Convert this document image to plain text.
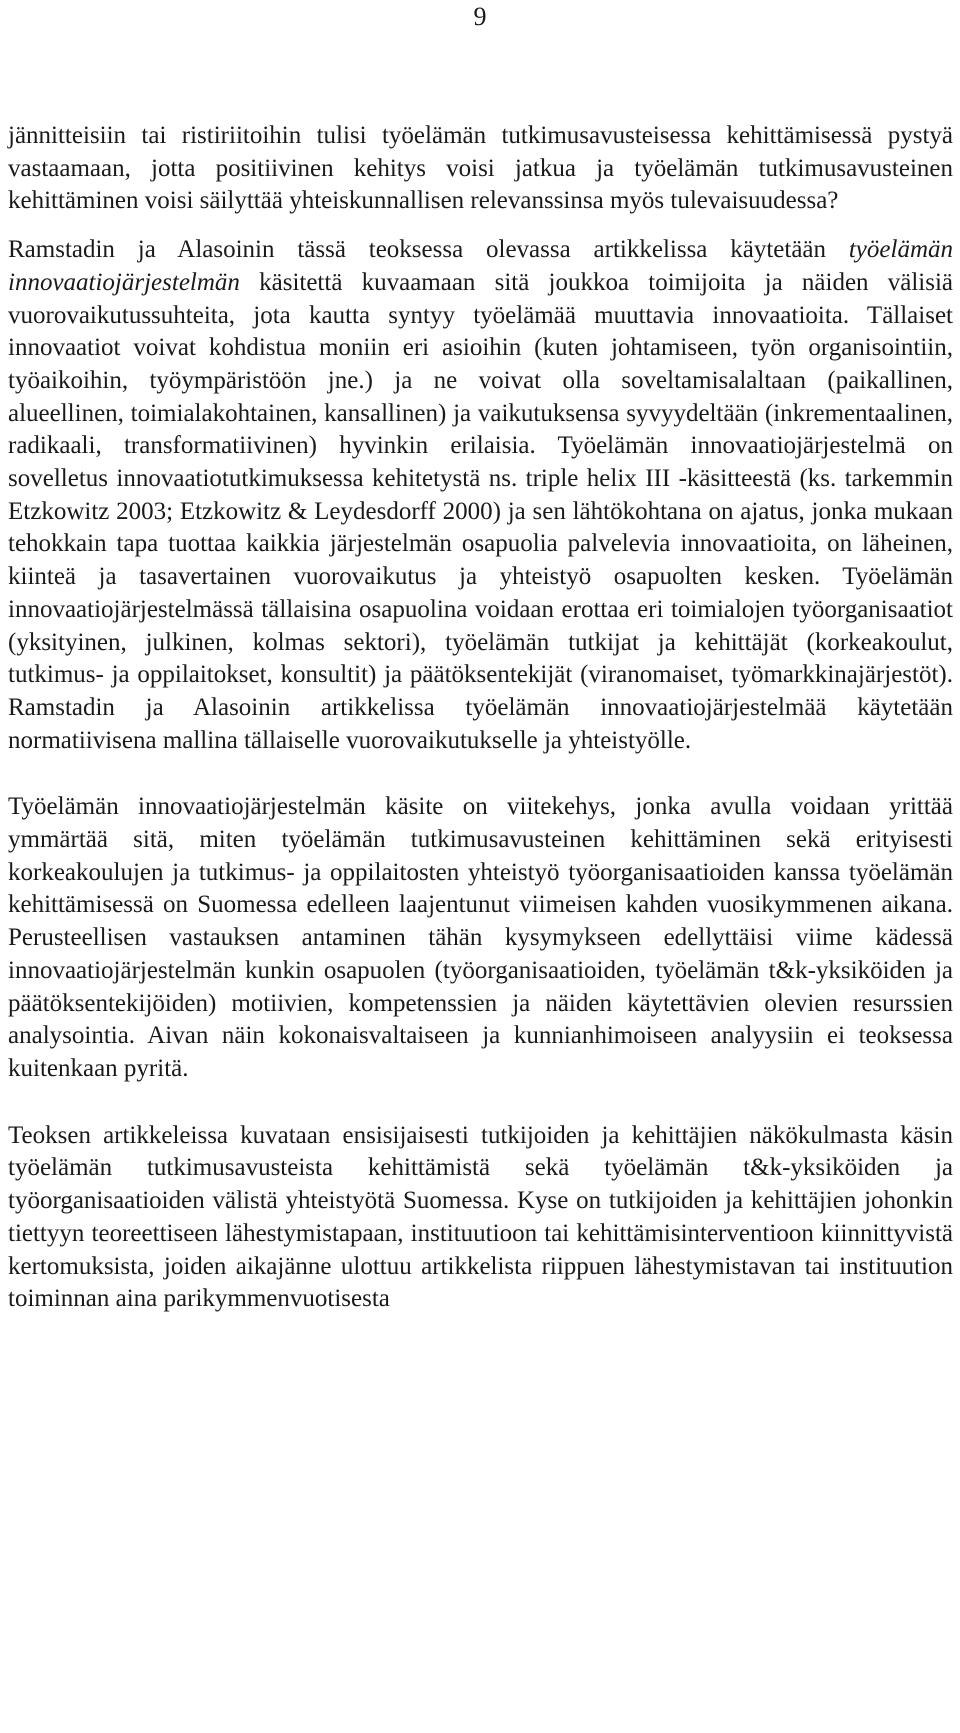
9

jännitteisiin tai ristiriitoihin tulisi työelämän tutkimusavusteisessa kehittämisessä pystyä vastaamaan, jotta positiivinen kehitys voisi jatkua ja työelämän tutkimusavusteinen kehittäminen voisi säilyttää yhteiskunnallisen relevanssinsa myös tulevaisuudessa?

Ramstadin ja Alasoinin tässä teoksessa olevassa artikkelissa käytetään työelämän innovaatiojärjestelmän käsitettä kuvaamaan sitä joukkoa toimijoita ja näiden välisiä vuorovaikutussuhteita, jota kautta syntyy työelämää muuttavia innovaatioita. Tällaiset innovaatiot voivat kohdistua moniin eri asioihin (kuten johtamiseen, työn organisointiin, työaikoihin, työympäristöön jne.) ja ne voivat olla soveltamisalaltaan (paikallinen, alueellinen, toimialakohtainen, kansallinen) ja vaikutuksensa syvyydeltään (inkrementaalinen, radikaali, transformatiivinen) hyvinkin erilaisia. Työelämän innovaatiojärjestelmä on sovelletus innovaatiotutkimuksessa kehitetystä ns. triple helix III -käsitteestä (ks. tarkemmin Etzkowitz 2003; Etzkowitz & Leydesdorff 2000) ja sen lähtökohtana on ajatus, jonka mukaan tehokkain tapa tuottaa kaikkia järjestelmän osapuolia palvelevia innovaatioita, on läheinen, kiinteä ja tasavertainen vuorovaikutus ja yhteistyö osapuolten kesken. Työelämän innovaatiojärjestelmässä tällaisina osapuolina voidaan erottaa eri toimialojen työorganisaatiot (yksityinen, julkinen, kolmas sektori), työelämän tutkijat ja kehittäjät (korkeakoulut, tutkimus- ja oppilaitokset, konsultit) ja päätöksentekijät (viranomaiset, työmarkkinajärjestöt). Ramstadin ja Alasoinin artikkelissa työelämän innovaatiojärjestelmää käytetään normatiivisena mallina tällaiselle vuorovaikutukselle ja yhteistyölle.

Työelämän innovaatiojärjestelmän käsite on viitekehys, jonka avulla voidaan yrittää ymmärtää sitä, miten työelämän tutkimusavusteinen kehittäminen sekä erityisesti korkeakoulujen ja tutkimus- ja oppilaitosten yhteistyö työorganisaatioiden kanssa työelämän kehittämisessä on Suomessa edelleen laajentunut viimeisen kahden vuosikymmenen aikana. Perusteellisen vastauksen antaminen tähän kysymykseen edellyttäisi viime kädessä innovaatiojärjestelmän kunkin osapuolen (työorganisaatioiden, työelämän t&k-yksiköiden ja päätöksentekijöiden) motiivien, kompetenssien ja näiden käytettävien olevien resurssien analysointia. Aivan näin kokonaisvaltaiseen ja kunnianhimoiseen analyysiin ei teoksessa kuitenkaan pyritä.

Teoksen artikkeleissa kuvataan ensisijaisesti tutkijoiden ja kehittäjien näkökulmasta käsin työelämän tutkimusavusteista kehittämistä sekä työelämän t&k-yksiköiden ja työorganisaatioiden välistä yhteistyötä Suomessa. Kyse on tutkijoiden ja kehittäjien johonkin tiettyyn teoreettiseen lähestymistapaan, instituutioon tai kehittämisinterventioon kiinnittyvistä kertomuksista, joiden aikajänne ulottuu artikkelista riippuen lähestymistavan tai instituution toiminnan aina parikymmenvuotisesta
